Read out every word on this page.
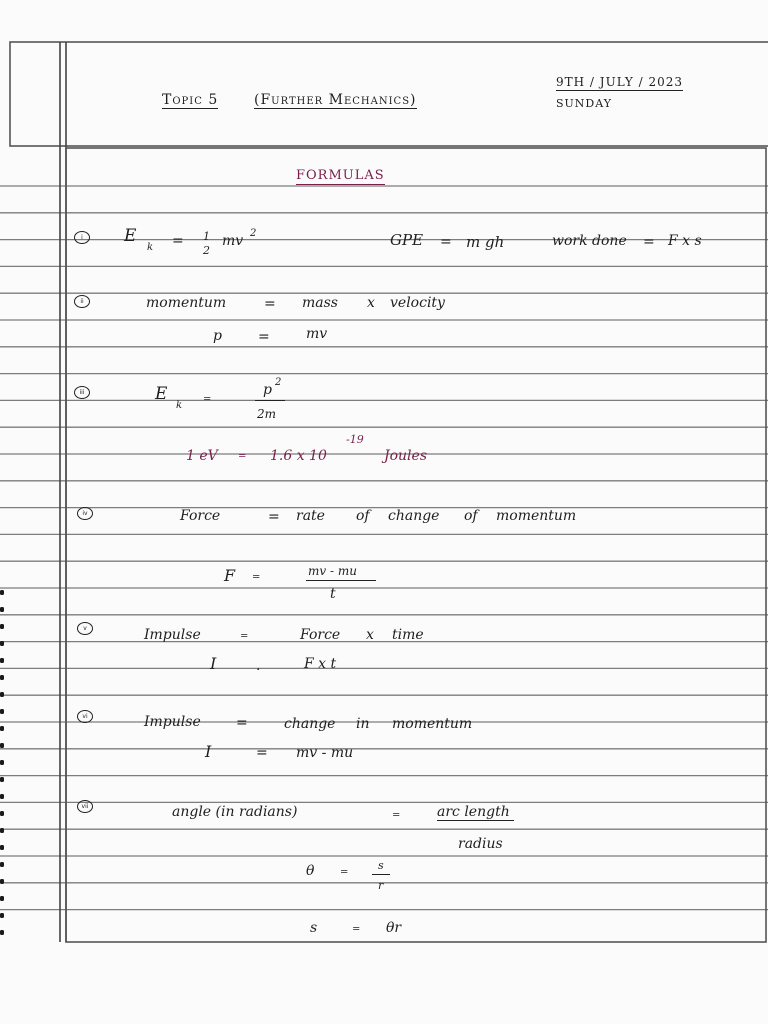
Topic 5	(Further Mechanics)
9TH / JULY / 2023
SUNDAY
FORMULAS
i
ii
iii
iv
v
vi
vii
E
k = 1
2
mv 2	GPE = m gh	work done = F x s
momentum	= mass x velocity
p	=	mv
E
k
=
p 2
2m
1 eV = 1.6 x 10
-19
Joules
Force	= rate of change of momentum
F =	mv - mu
t
Impulse	=	Force x time
I	.	F x t
Impulse	=	change in momentum
I	= mv - mu
angle (in radians)	=	arc length
radius
θ	=
s
r
s	= θr
